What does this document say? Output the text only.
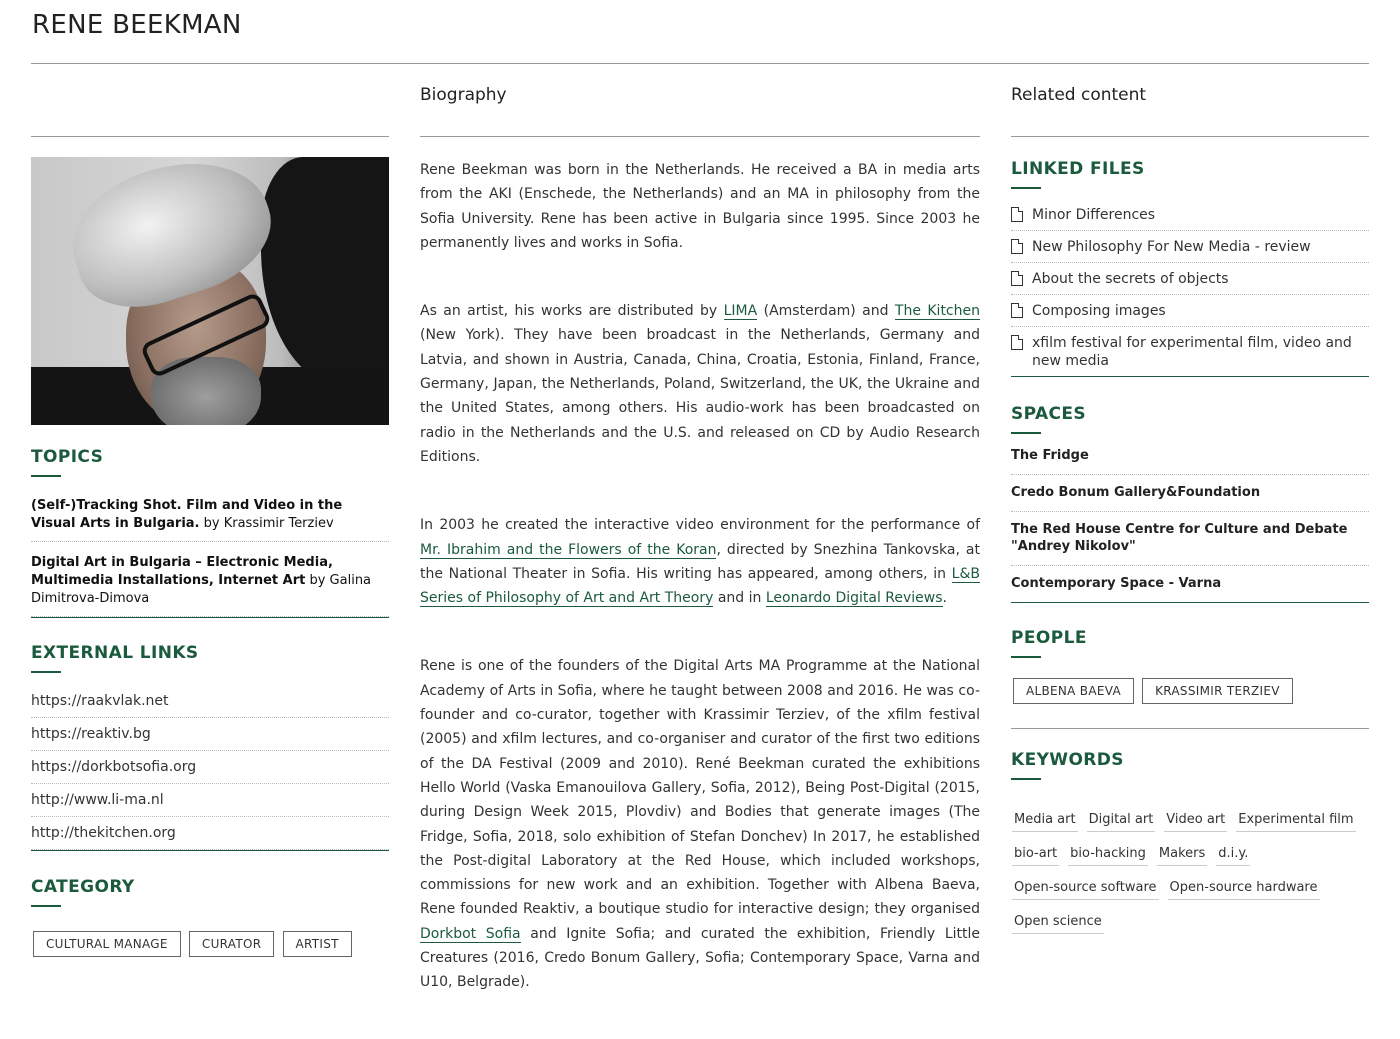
RENE BEEKMAN
TOPICS
(Self-)Tracking Shot. Film and Video in the Visual Arts in Bulgaria. by Krassimir Terziev
Digital Art in Bulgaria – Electronic Media, Multimedia Installations, Internet Art by Galina Dimitrova-Dimova
EXTERNAL LINKS
https://raakvlak.net
https://reaktiv.bg
https://dorkbotsofia.org
http://www.li-ma.nl
http://thekitchen.org
CATEGORY
CULTURAL MANAGE	CURATOR	ARTIST
Biography

Rene Beekman was born in the Netherlands. He received a BA in media arts from the AKI (Enschede, the Netherlands) and an MA in philosophy from the Sofia University. Rene has been active in Bulgaria since 1995. Since 2003 he permanently lives and works in Sofia.

As an artist, his works are distributed by LIMA (Amsterdam) and The Kitchen (New York). They have been broadcast in the Netherlands, Germany and Latvia, and shown in Austria, Canada, China, Croatia, Estonia, Finland, France, Germany, Japan, the Netherlands, Poland, Switzerland, the UK, the Ukraine and the United States, among others. His audio-work has been broadcasted on radio in the Netherlands and the U.S. and released on CD by Audio Research Editions.

In 2003 he created the interactive video environment for the performance of Mr. Ibrahim and the Flowers of the Koran, directed by Snezhina Tankovska, at the National Theater in Sofia. His writing has appeared, among others, in L&B Series of Philosophy of Art and Art Theory and in Leonardo Digital Reviews.

Rene is one of the founders of the Digital Arts MA Programme at the National Academy of Arts in Sofia, where he taught between 2008 and 2016. He was co-founder and co-curator, together with Krassimir Terziev, of the xfilm festival (2005) and xfilm lectures, and co-organiser and curator of the first two editions of the DA Festival (2009 and 2010). René Beekman curated the exhibitions Hello World (Vaska Emanouilova Gallery, Sofia, 2012), Being Post-Digital (2015, during Design Week 2015, Plovdiv) and Bodies that generate images (The Fridge, Sofia, 2018, solo exhibition of Stefan Donchev) In 2017, he established the Post-digital Laboratory at the Red House, which included workshops, commissions for new work and an exhibition. Together with Albena Baeva, Rene founded Reaktiv, a boutique studio for interactive design; they organised Dorkbot Sofia and Ignite Sofia; and curated the exhibition, Friendly Little Creatures (2016, Credo Bonum Gallery, Sofia; Contemporary Space, Varna and U10, Belgrade).

Related content
LINKED FILES
Minor Differences
New Philosophy For New Media - review
About the secrets of objects
Composing images
xfilm festival for experimental film, video and new media
SPACES
The Fridge
Credo Bonum Gallery&Foundation
The Red House Centre for Culture and Debate "Andrey Nikolov"
Contemporary Space - Varna
PEOPLE
ALBENA BAEVA	KRASSIMIR TERZIEV
KEYWORDS
Media art Digital art Video art Experimental film
bio-art bio-hacking Makers d.i.y.
Open-source software Open-source hardware
Open science
